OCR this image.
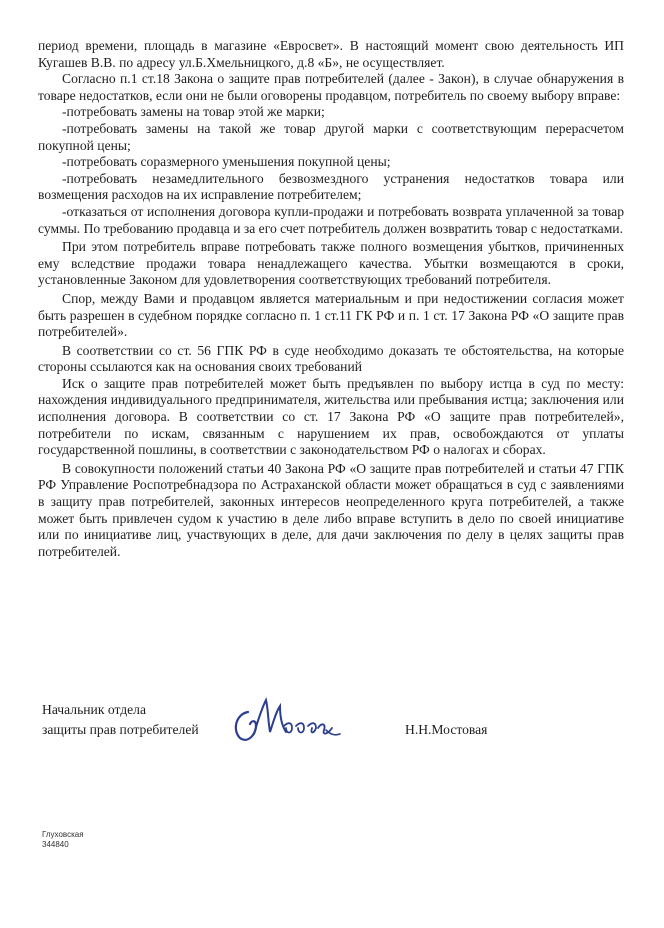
период времени, площадь в магазине «Евросвет». В настоящий момент свою деятельность ИП Кугашев В.В. по адресу ул.Б.Хмельницкого, д.8 «Б», не осуществляет.

Согласно п.1 ст.18 Закона о защите прав потребителей (далее - Закон), в случае обнаружения в товаре недостатков, если они не были оговорены продавцом, потребитель по своему выбору вправе:

-потребовать замены на товар этой же марки;

-потребовать замены на такой же товар другой марки с соответствующим перерасчетом покупной цены;

-потребовать соразмерного уменьшения покупной цены;

-потребовать незамедлительного безвозмездного устранения недостатков товара или возмещения расходов на их исправление потребителем;

-отказаться от исполнения договора купли-продажи и потребовать возврата уплаченной за товар суммы. По требованию продавца и за его счет потребитель должен возвратить товар с недостатками.

При этом потребитель вправе потребовать также полного возмещения убытков, причиненных ему вследствие продажи товара ненадлежащего качества. Убытки возмещаются в сроки, установленные Законом для удовлетворения соответствующих требований потребителя.

Спор, между Вами и продавцом является материальным и при недостижении согласия может быть разрешен в судебном порядке согласно п. 1 ст.11 ГК РФ и п. 1 ст. 17 Закона РФ «О защите прав потребителей».

В соответствии со ст. 56 ГПК РФ в суде необходимо доказать те обстоятельства, на которые стороны ссылаются как на основания своих требований

Иск о защите прав потребителей может быть предъявлен по выбору истца в суд по месту: нахождения индивидуального предпринимателя, жительства или пребывания истца; заключения или исполнения договора. В соответствии со ст. 17 Закона РФ «О защите прав потребителей», потребители по искам, связанным с нарушением их прав, освобождаются от уплаты государственной пошлины, в соответствии с законодательством РФ о налогах и сборах.

В совокупности положений статьи 40 Закона РФ «О защите прав потребителей и статьи 47 ГПК РФ Управление Роспотребнадзора по Астраханской области может обращаться в суд с заявлениями в защиту прав потребителей, законных интересов неопределенного круга потребителей, а также может быть привлечен судом к участию в деле либо вправе вступить в дело по своей инициативе или по инициативе лиц, участвующих в деле, для дачи заключения по делу в целях защиты прав потребителей.

Начальник отдела
защиты прав потребителей	Н.Н.Мостовая
Глуховская
344840
